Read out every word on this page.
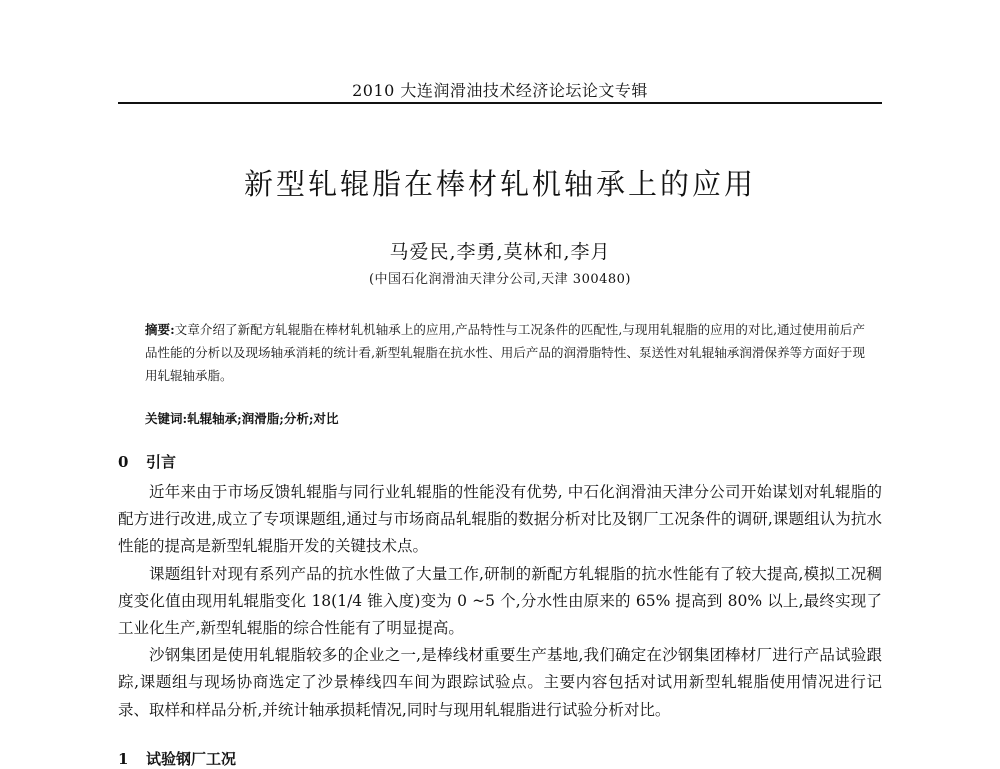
2010 大连润滑油技术经济论坛论文专辑
新型轧辊脂在棒材轧机轴承上的应用
马爱民,李勇,莫林和,李月
(中国石化润滑油天津分公司,天津 300480)
摘要:文章介绍了新配方轧辊脂在棒材轧机轴承上的应用,产品特性与工况条件的匹配性,与现用轧辊脂的应用的对比,通过使用前后产品性能的分析以及现场轴承消耗的统计看,新型轧辊脂在抗水性、用后产品的润滑脂特性、泵送性对轧辊轴承润滑保养等方面好于现用轧辊轴承脂。
关键词:轧辊轴承;润滑脂;分析;对比
0 引言

近年来由于市场反馈轧辊脂与同行业轧辊脂的性能没有优势, 中石化润滑油天津分公司开始谋划对轧辊脂的配方进行改进,成立了专项课题组,通过与市场商品轧辊脂的数据分析对比及钢厂工况条件的调研,课题组认为抗水性能的提高是新型轧辊脂开发的关键技术点。

课题组针对现有系列产品的抗水性做了大量工作,研制的新配方轧辊脂的抗水性能有了较大提高,模拟工况稠度变化值由现用轧辊脂变化 18(1/4 锥入度)变为 0 ~5 个,分水性由原来的 65% 提高到 80% 以上,最终实现了工业化生产,新型轧辊脂的综合性能有了明显提高。

沙钢集团是使用轧辊脂较多的企业之一,是棒线材重要生产基地,我们确定在沙钢集团棒材厂进行产品试验跟踪,课题组与现场协商选定了沙景棒线四车间为跟踪试验点。主要内容包括对试用新型轧辊脂使用情况进行记录、取样和样品分析,并统计轴承损耗情况,同时与现用轧辊脂进行试验分析对比。

1 试验钢厂工况
